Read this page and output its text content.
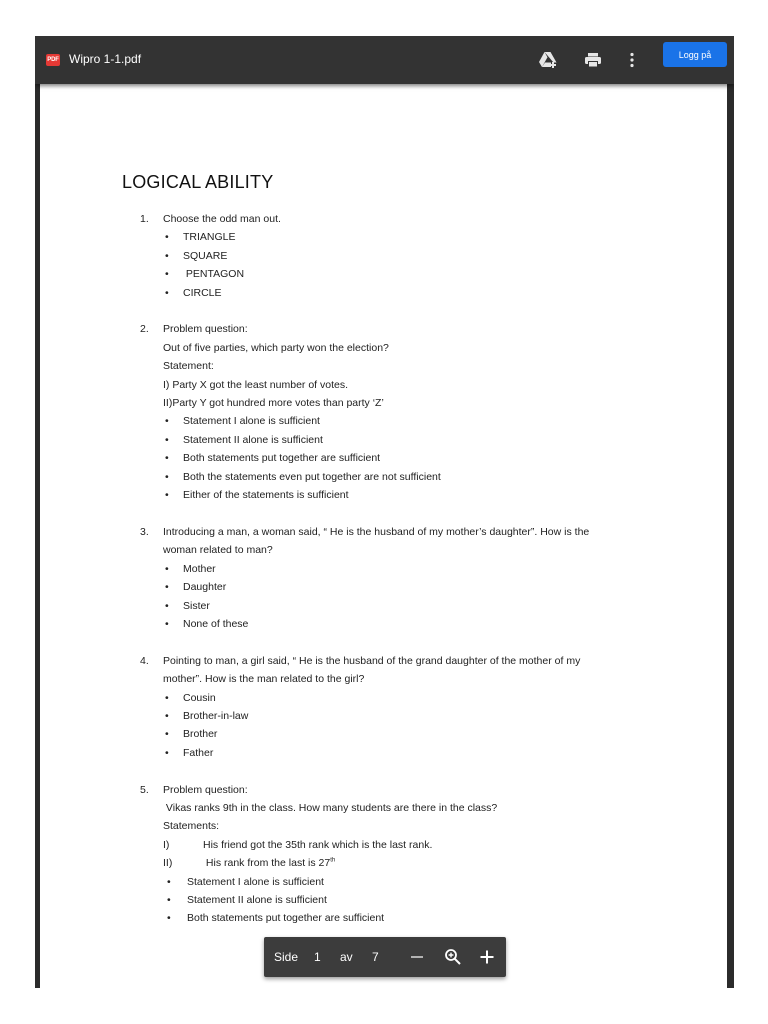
PDF Wipro 1-1.pdf	Logg på
LOGICAL ABILITY
1. Choose the odd man out.
• TRIANGLE
• SQUARE
•  PENTAGON
• CIRCLE
2. Problem question:
Out of five parties, which party won the election?
Statement:
I) Party X got the least number of votes.
II)Party Y got hundred more votes than party ‘Z’
• Statement I alone is sufficient
• Statement II alone is sufficient
• Both statements put together are sufficient
• Both the statements even put together are not sufficient
• Either of the statements is sufficient
3. Introducing a man, a woman said, “ He is the husband of my mother’s daughter”. How is the
woman related to man?
• Mother
• Daughter
• Sister
• None of these
4. Pointing to man, a girl said, “ He is the husband of the grand daughter of the mother of my
mother”. How is the man related to the girl?
• Cousin
• Brother-in-law
• Brother
• Father
5. Problem question:
Vikas ranks 9th in the class. How many students are there in the class?
Statements:
I)	His friend got the 35th rank which is the last rank.
II)	His rank from the last is 27th
• Statement I alone is sufficient
• Statement II alone is sufficient
• Both statements put together are sufficient
Side 1 av 7
